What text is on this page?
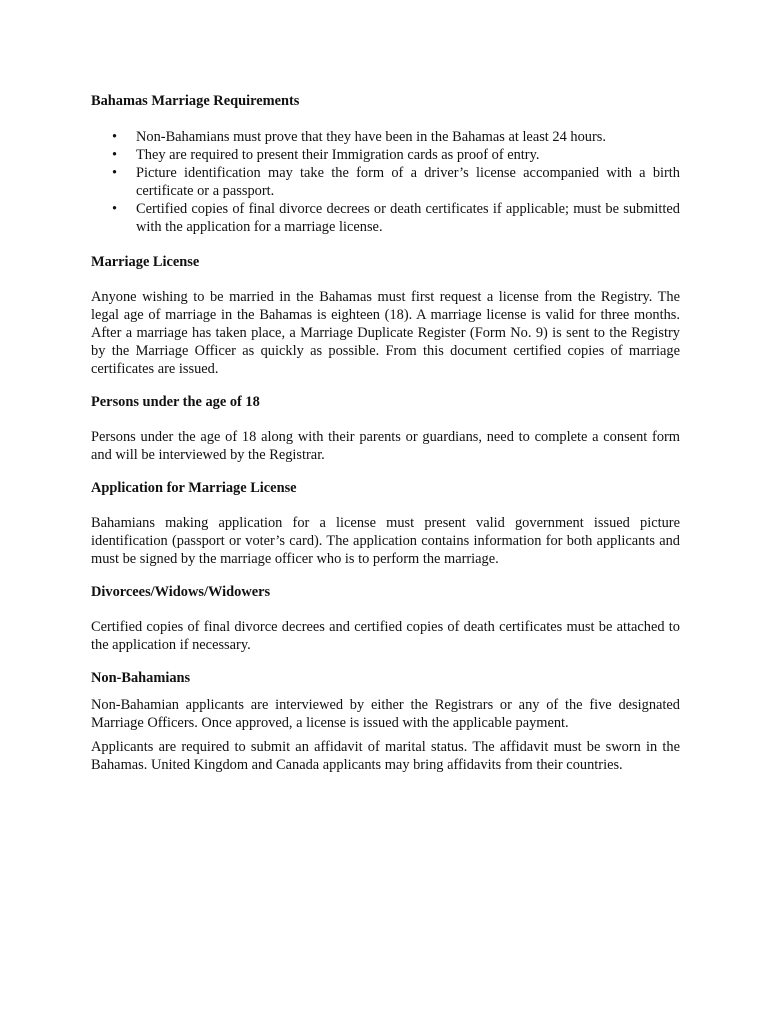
Bahamas Marriage Requirements
• Non-Bahamians must prove that they have been in the Bahamas at least 24 hours.
• They are required to present their Immigration cards as proof of entry.
• Picture identification may take the form of a driver’s license accompanied with a birth certificate or a passport.
• Certified copies of final divorce decrees or death certificates if applicable; must be submitted with the application for a marriage license.
Marriage License

Anyone wishing to be married in the Bahamas must first request a license from the Registry. The legal age of marriage in the Bahamas is eighteen (18). A marriage license is valid for three months. After a marriage has taken place, a Marriage Duplicate Register (Form No. 9) is sent to the Registry by the Marriage Officer as quickly as possible. From this document certified copies of marriage certificates are issued.

Persons under the age of 18

Persons under the age of 18 along with their parents or guardians, need to complete a consent form and will be interviewed by the Registrar.

Application for Marriage License

Bahamians making application for a license must present valid government issued picture identification (passport or voter’s card). The application contains information for both applicants and must be signed by the marriage officer who is to perform the marriage.

Divorcees/Widows/Widowers

Certified copies of final divorce decrees and certified copies of death certificates must be attached to the application if necessary.

Non-Bahamians

Non-Bahamian applicants are interviewed by either the Registrars or any of the five designated Marriage Officers. Once approved, a license is issued with the applicable payment.

Applicants are required to submit an affidavit of marital status. The affidavit must be sworn in the Bahamas. United Kingdom and Canada applicants may bring affidavits from their countries.
